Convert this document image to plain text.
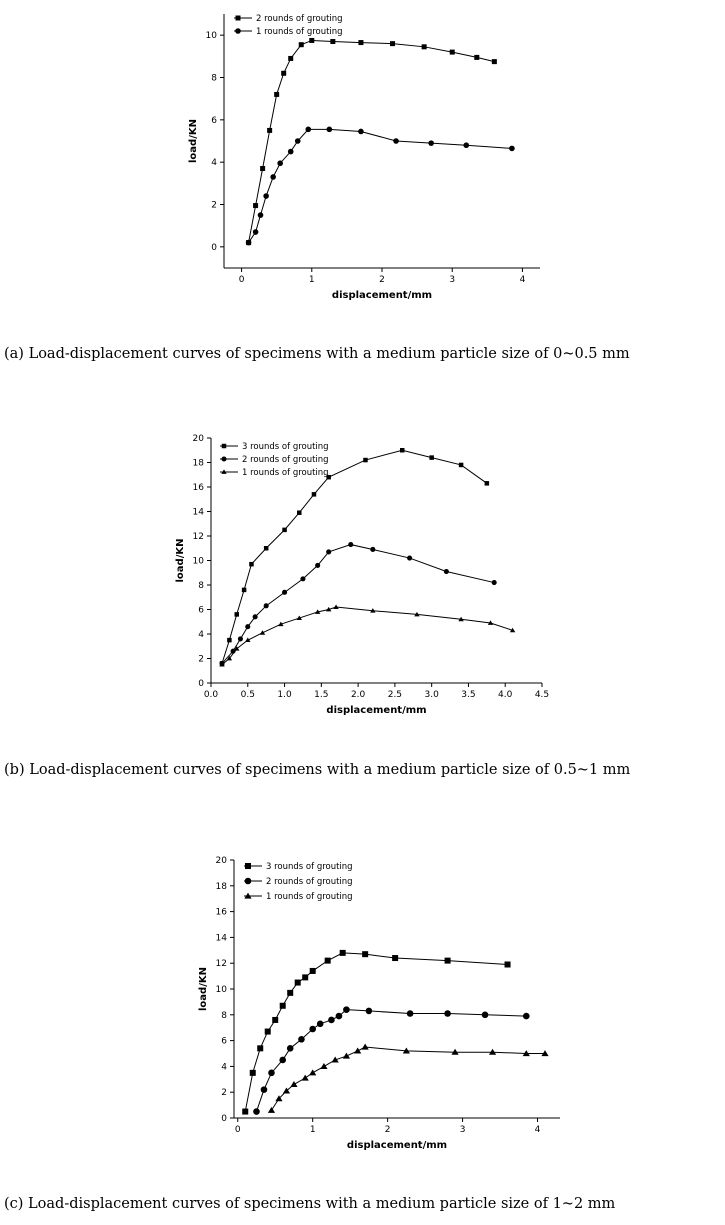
0	1	2	3	4
0
2
4
6
8
10
displacement/mm
load/KN
2 rounds of grouting
1 rounds of grouting
0.0 0.5 1.0 1.5 2.0 2.5 3.0 3.5 4.0 4.5
0
2
4
6
8
10
12
14
16
18
20
displacement/mm
load/KN
3 rounds of grouting
2 rounds of grouting
1 rounds of grouting
0	1	2	3	4
0
2
4
6
8
10
12
14
16
18
20
displacement/mm
load/KN
3 rounds of grouting
2 rounds of grouting
1 rounds of grouting
(a) Load-displacement curves of specimens with a medium particle size of 0~0.5 mm
(b) Load-displacement curves of specimens with a medium particle size of 0.5~1 mm
(c) Load-displacement curves of specimens with a medium particle size of 1~2 mm
